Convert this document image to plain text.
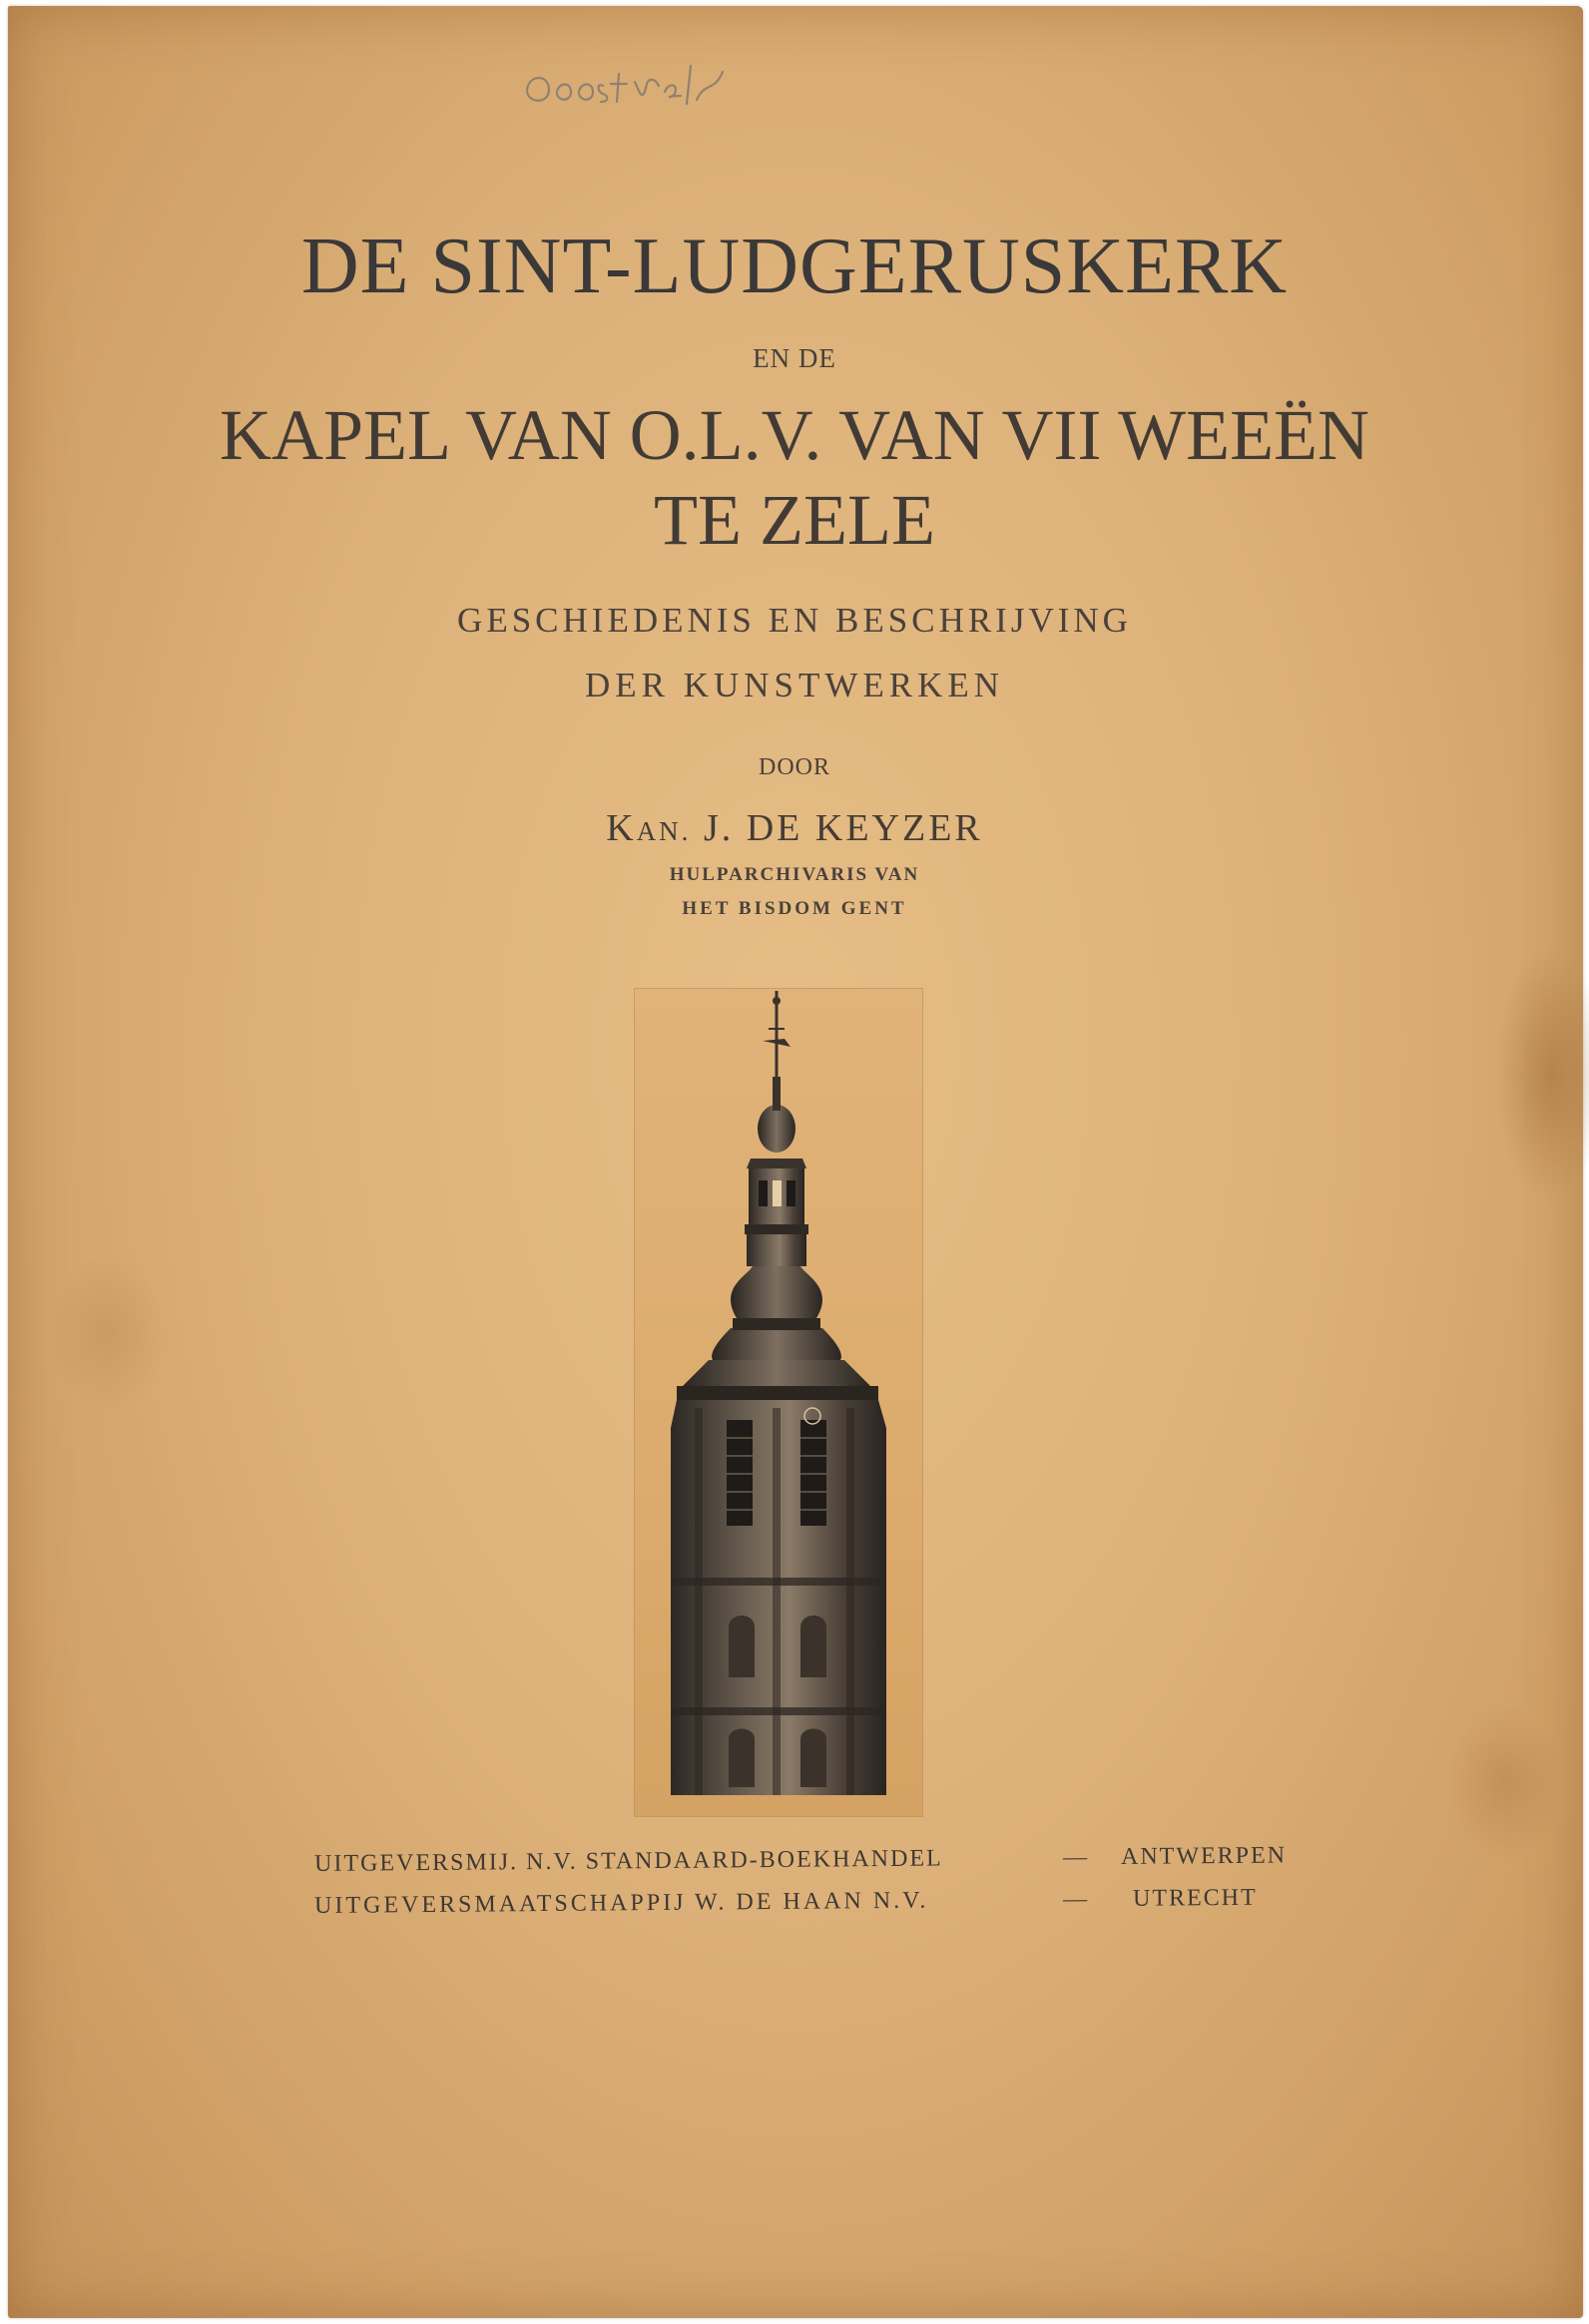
DE SINT-LUDGERUSKERK
EN DE
KAPEL VAN O.L.V. VAN VII WEEËN
TE ZELE
GESCHIEDENIS EN BESCHRIJVING
DER KUNSTWERKEN
DOOR
KAN. J. DE KEYZER
HULPARCHIVARIS VAN
HET BISDOM GENT
UITGEVERSMIJ. N.V. STANDAARD-BOEKHANDEL	— ANTWERPEN
UITGEVERSMAATSCHAPPIJ W. DE HAAN N.V.	— UTRECHT
